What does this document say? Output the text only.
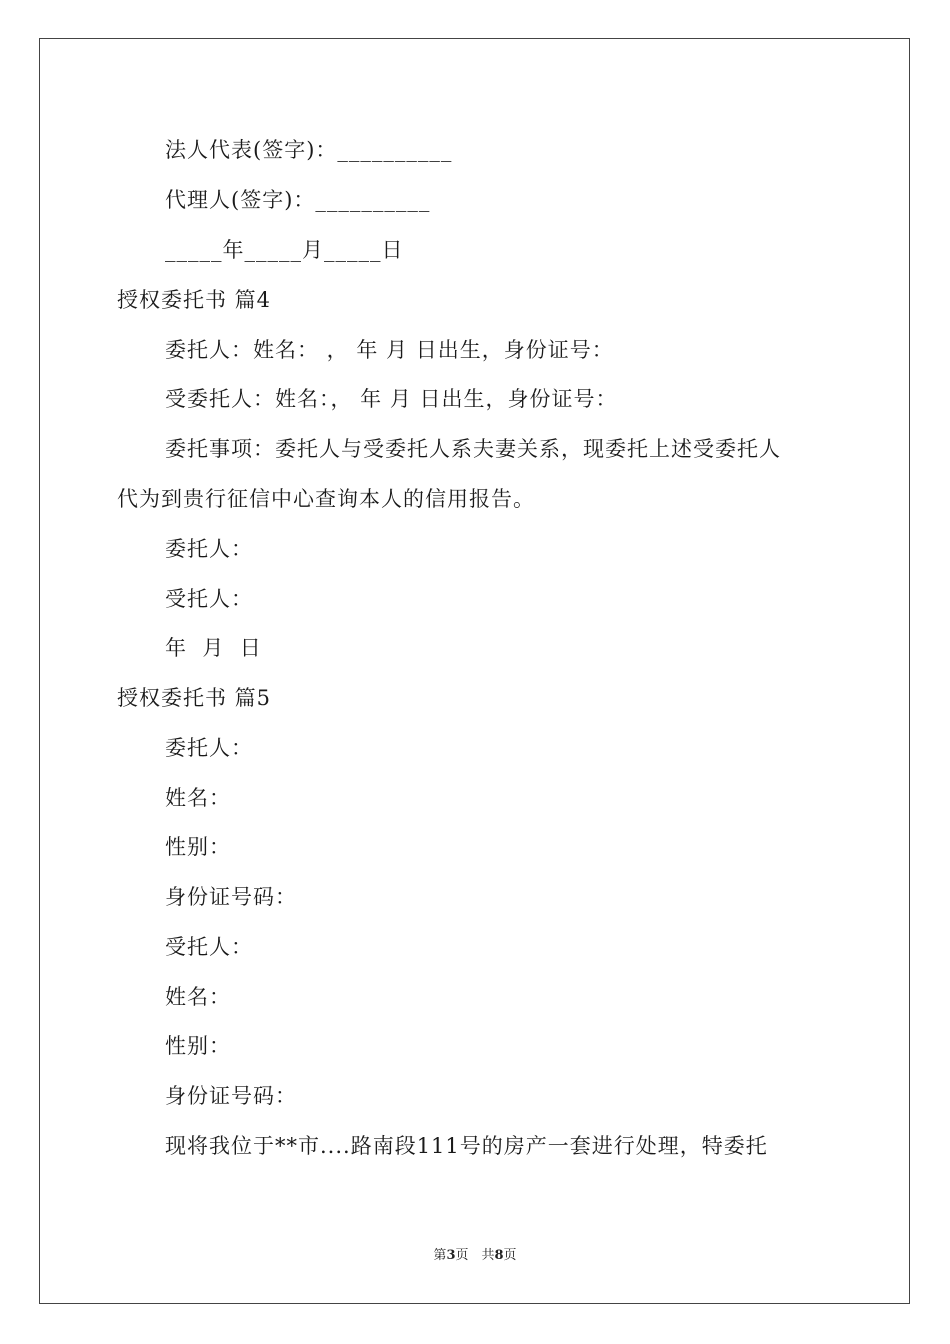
法人代表(签字)：__________
代理人(签字)：__________
_____年_____月_____日
授权委托书 篇4
委托人：姓名： ， 年 月 日出生，身份证号：
受委托人：姓名：， 年 月 日出生，身份证号：
委托事项：委托人与受委托人系夫妻关系，现委托上述受委托人
代为到贵行征信中心查询本人的信用报告。
委托人：
受托人：
年  月  日
授权委托书 篇5
委托人：
姓名：
性别：
身份证号码：
受托人：
姓名：
性别：
身份证号码：
现将我位于**市....路南段111号的房产一套进行处理，特委托
第3页　共8页
